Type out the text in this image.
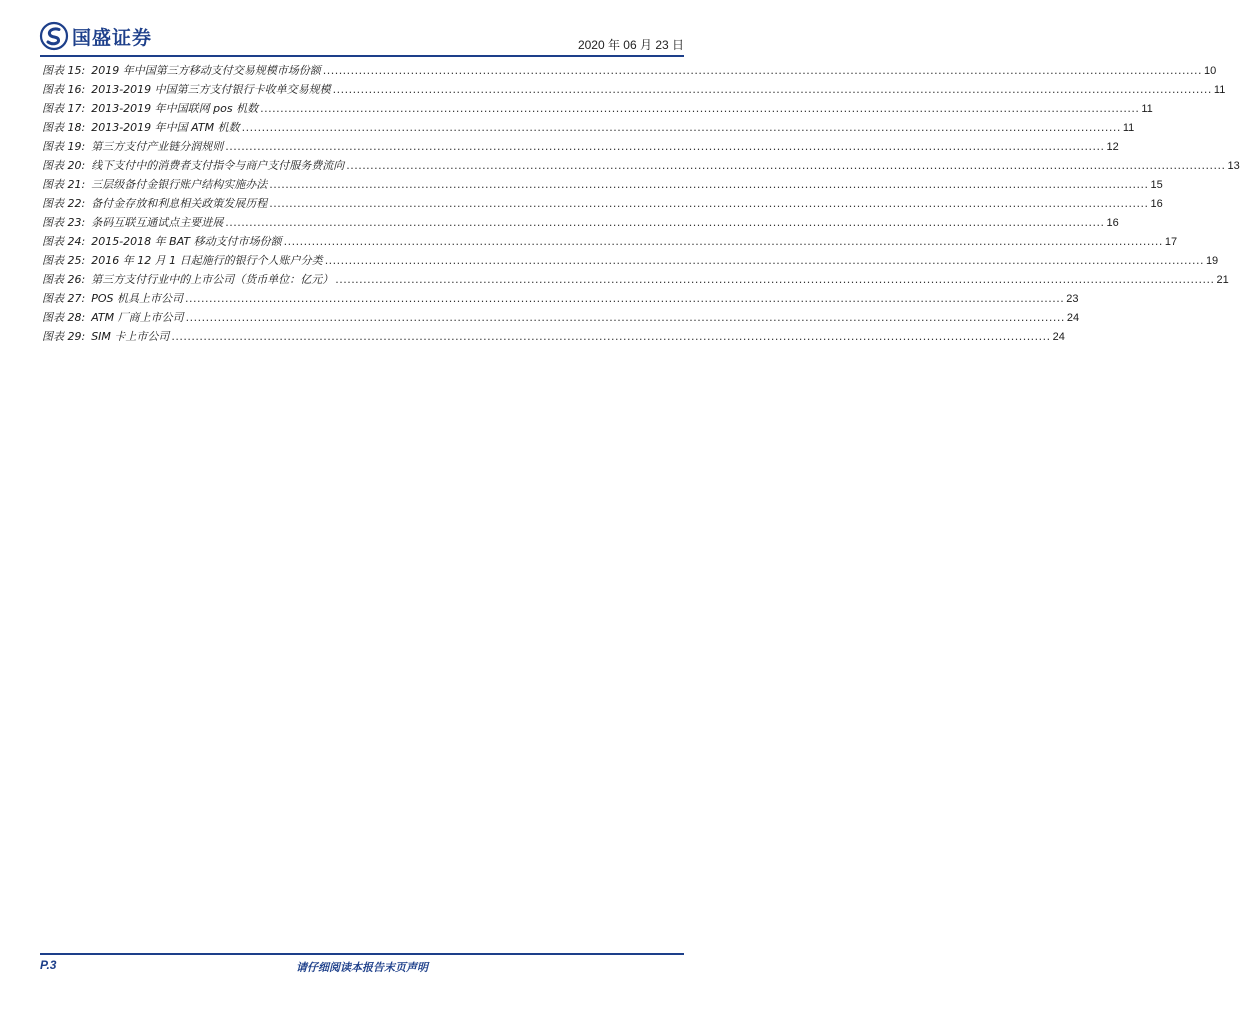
国盛证券	2020 年 06 月 23 日
图表 15: 2019 年中国第三方移动支付交易规模市场份额 ............................................................................................................................................................................................................................ 10
图表 16: 2013-2019 中国第三方支付银行卡收单交易规模 ............................................................................................................................................................................................................................ 11
图表 17: 2013-2019 年中国联网 pos 机数 ............................................................................................................................................................................................................................ 11
图表 18: 2013-2019 年中国 ATM 机数 ............................................................................................................................................................................................................................ 11
图表 19: 第三方支付产业链分润规则 ............................................................................................................................................................................................................................ 12
图表 20: 线下支付中的消费者支付指令与商户支付服务费流向 ............................................................................................................................................................................................................................ 13
图表 21: 三层级备付金银行账户结构实施办法 ............................................................................................................................................................................................................................ 15
图表 22: 备付金存放和利息相关政策发展历程 ............................................................................................................................................................................................................................ 16
图表 23: 条码互联互通试点主要进展 ............................................................................................................................................................................................................................ 16
图表 24: 2015-2018 年 BAT 移动支付市场份额 ............................................................................................................................................................................................................................ 17
图表 25: 2016 年 12 月 1 日起施行的银行个人账户分类 ............................................................................................................................................................................................................................ 19
图表 26: 第三方支付行业中的上市公司（货币单位：亿元） ............................................................................................................................................................................................................................ 21
图表 27: POS 机具上市公司 ............................................................................................................................................................................................................................ 23
图表 28: ATM 厂商上市公司 ............................................................................................................................................................................................................................ 24
图表 29: SIM 卡上市公司 ............................................................................................................................................................................................................................ 24
P.3	请仔细阅读本报告末页声明
